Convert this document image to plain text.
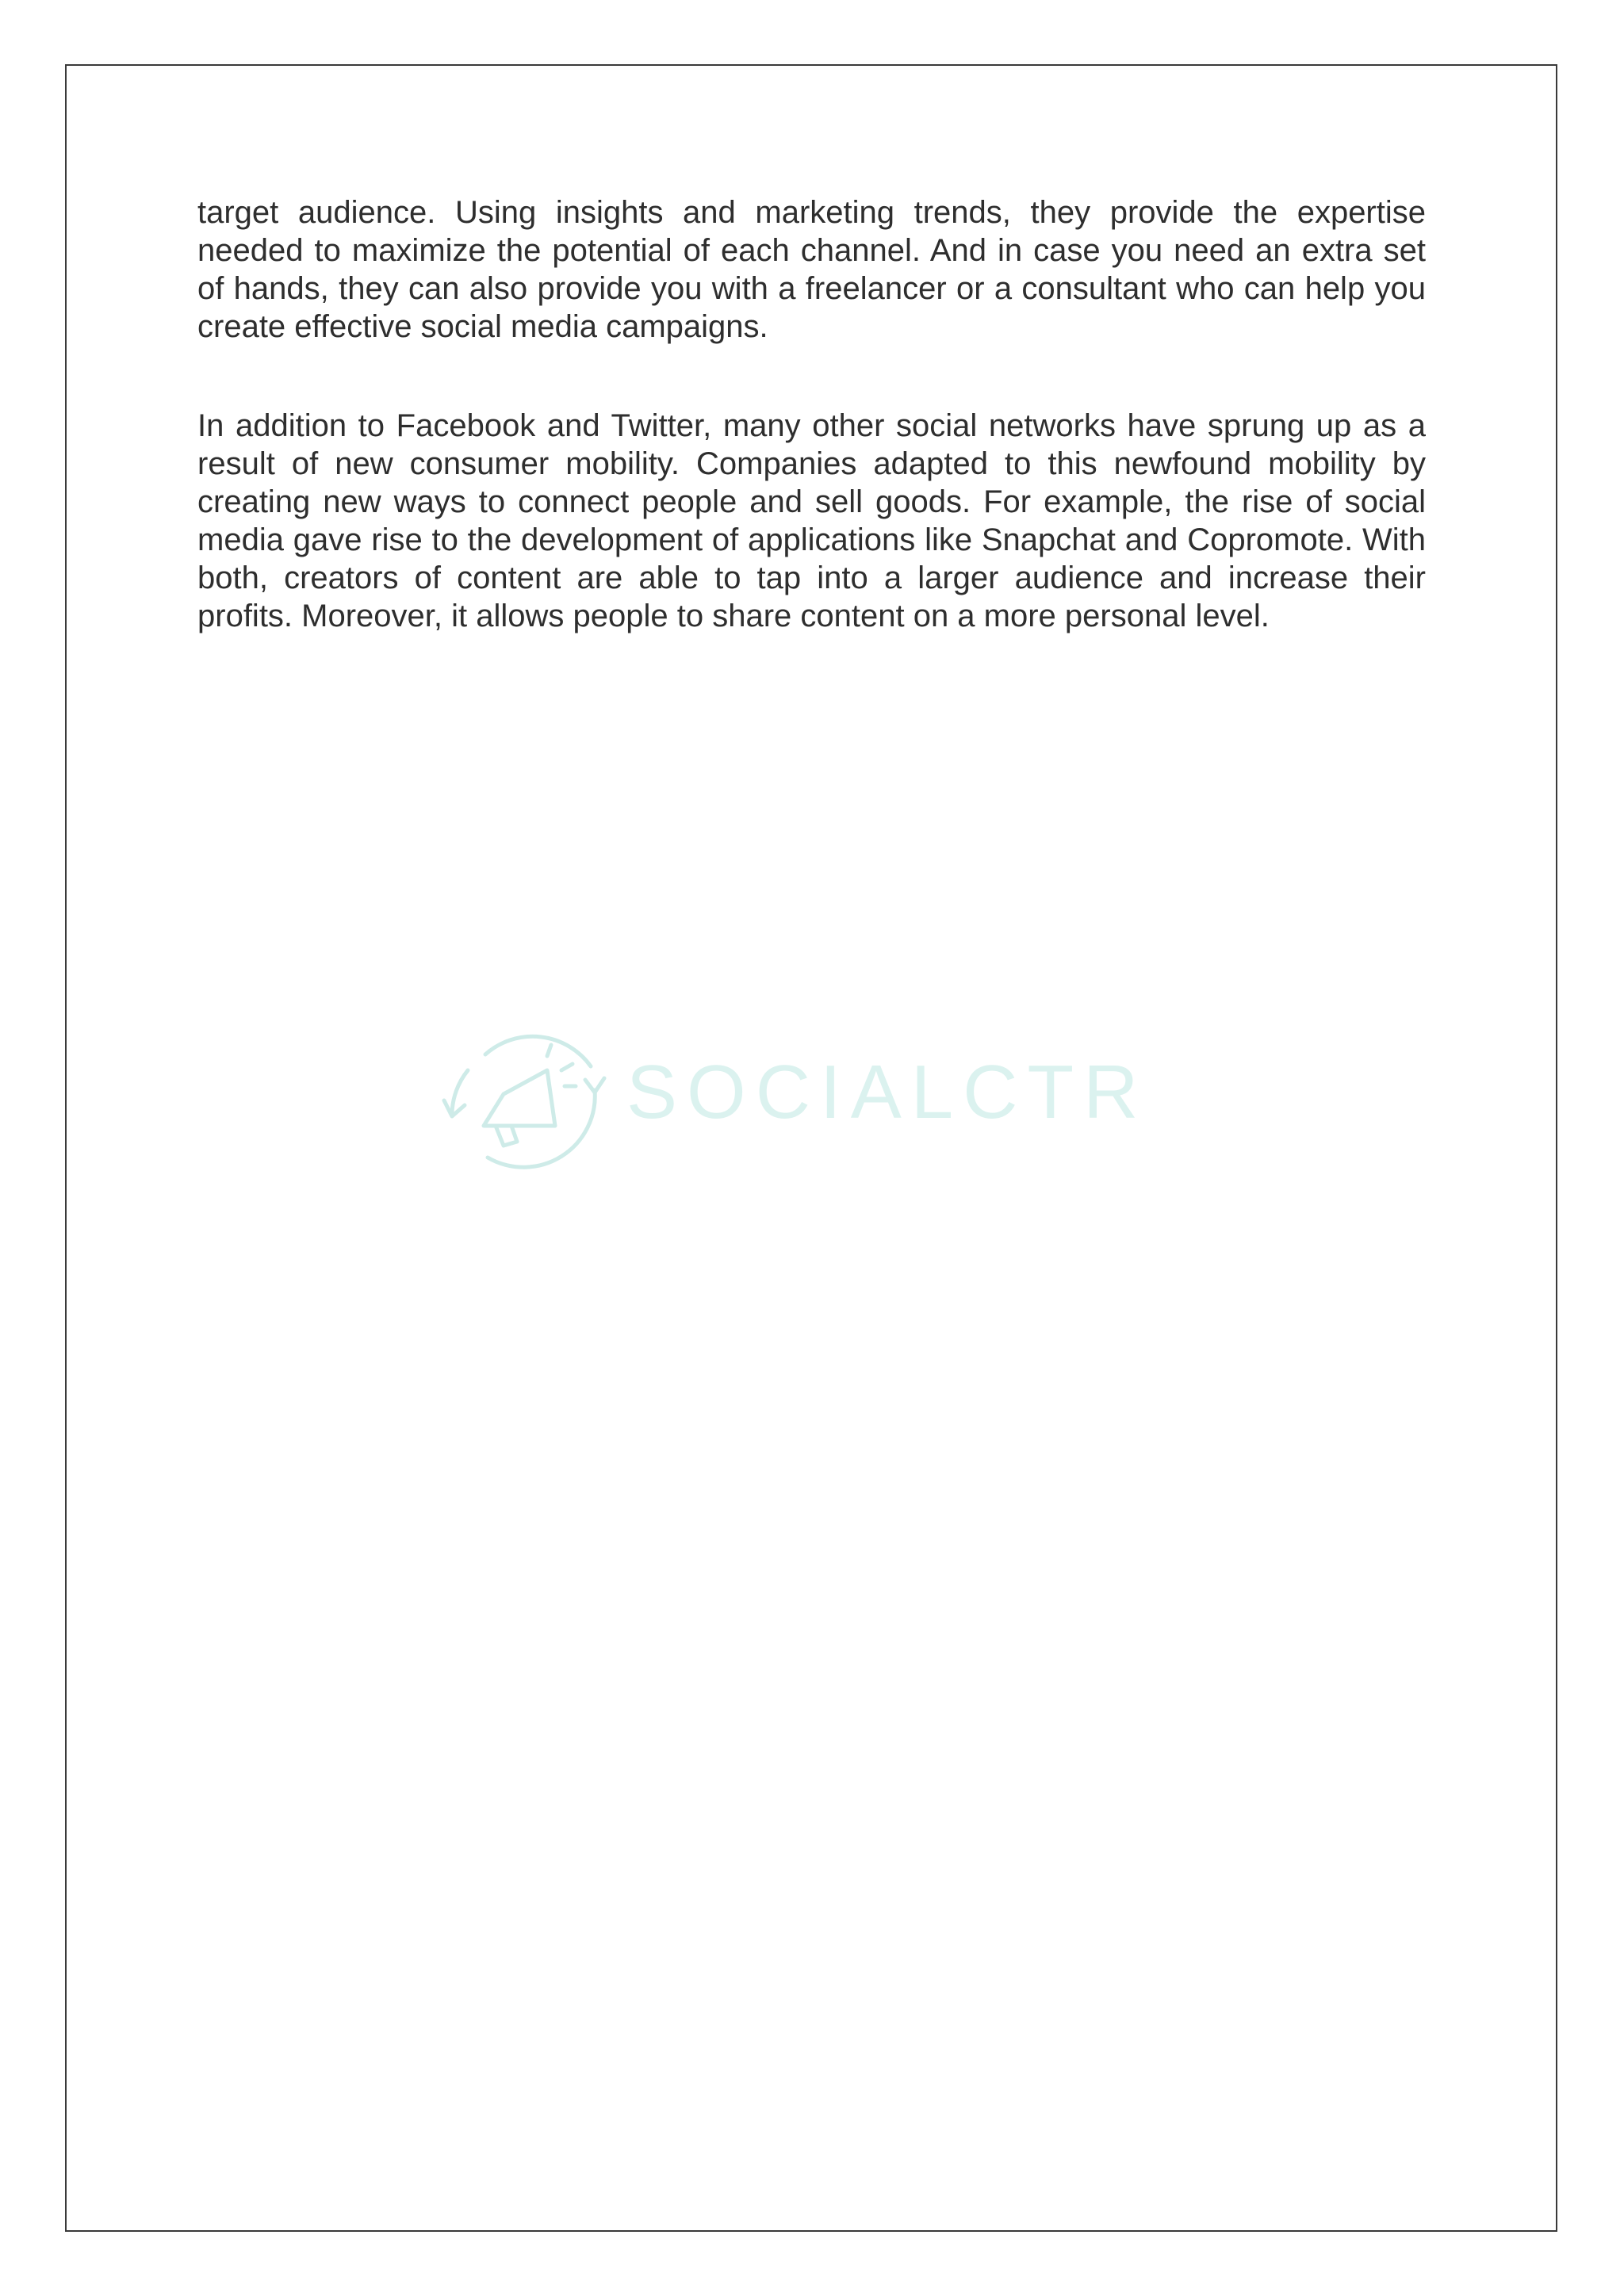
target audience. Using insights and marketing trends, they provide the expertise needed to maximize the potential of each channel. And in case you need an extra set of hands, they can also provide you with a freelancer or a consultant who can help you create effective social media campaigns.

In addition to Facebook and Twitter, many other social networks have sprung up as a result of new consumer mobility. Companies adapted to this newfound mobility by creating new ways to connect people and sell goods. For example, the rise of social media gave rise to the development of applications like Snapchat and Copromote. With both, creators of content are able to tap into a larger audience and increase their profits. Moreover, it allows people to share content on a more personal level.

SOCIALCTR
